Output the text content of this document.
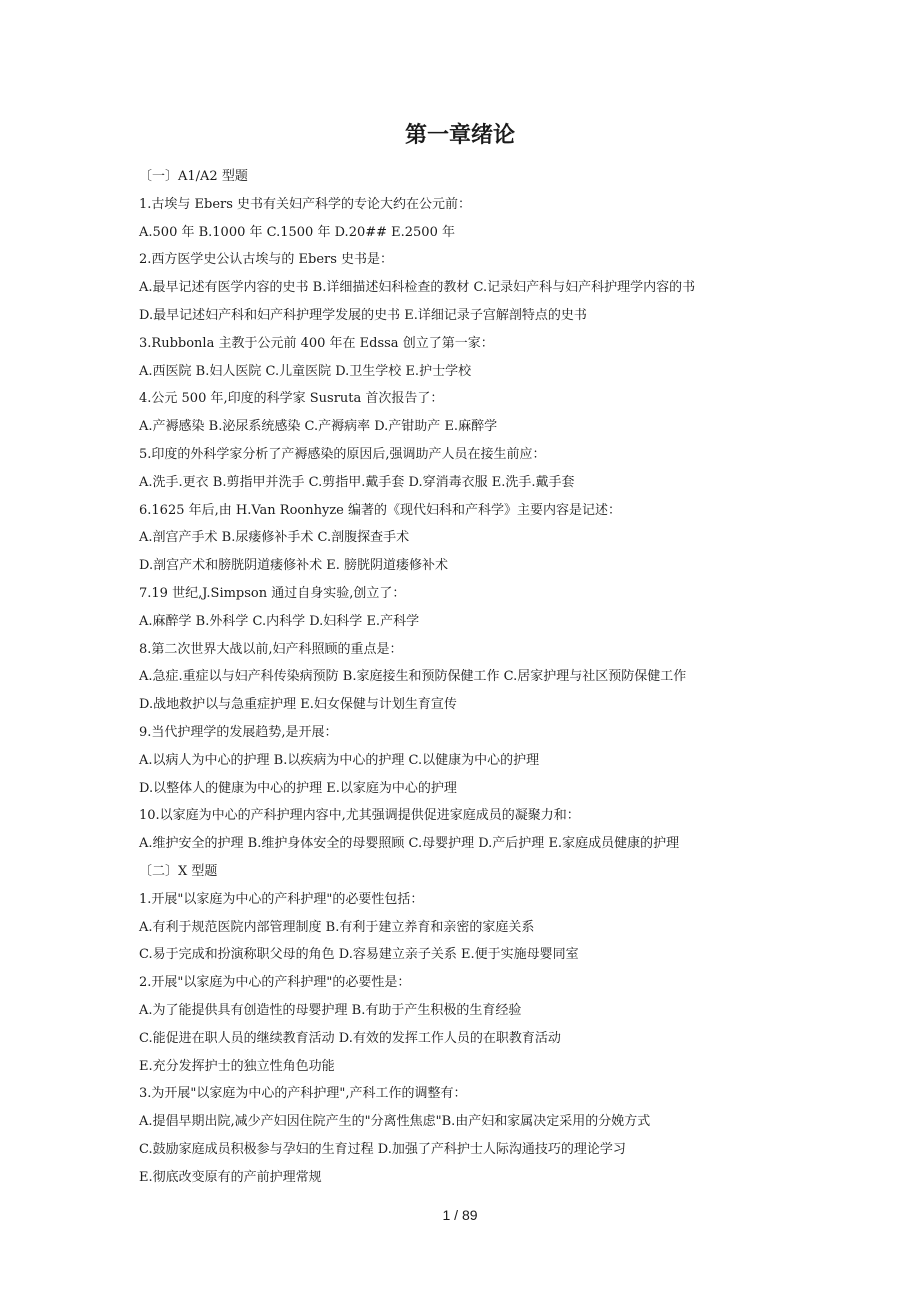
第一章绪论
〔一〕A1/A2 型题
1.古埃与 Ebers 史书有关妇产科学的专论大约在公元前：
A.500 年 B.1000 年 C.1500 年 D.20## E.2500 年
2.西方医学史公认古埃与的 Ebers 史书是：
A.最早记述有医学内容的史书 B.详细描述妇科检查的教材 C.记录妇产科与妇产科护理学内容的书
D.最早记述妇产科和妇产科护理学发展的史书 E.详细记录子宫解剖特点的史书
3.Rubbonla 主教于公元前 400 年在 Edssa 创立了第一家：
A.西医院 B.妇人医院 C.儿童医院 D.卫生学校 E.护士学校
4.公元 500 年,印度的科学家 Susruta 首次报告了：
A.产褥感染 B.泌尿系统感染 C.产褥病率 D.产钳助产 E.麻醉学
5.印度的外科学家分析了产褥感染的原因后,强调助产人员在接生前应：
A.洗手.更衣 B.剪指甲并洗手 C.剪指甲.戴手套 D.穿消毒衣服 E.洗手.戴手套
6.1625 年后,由 H.Van Roonhyze 编著的《现代妇科和产科学》主要内容是记述：
A.剖宫产手术 B.尿瘘修补手术 C.剖腹探查手术
D.剖宫产术和膀胱阴道瘘修补术 E. 膀胱阴道瘘修补术
7.19 世纪,J.Simpson 通过自身实验,创立了：
A.麻醉学 B.外科学 C.内科学 D.妇科学 E.产科学
8.第二次世界大战以前,妇产科照顾的重点是：
A.急症.重症以与妇产科传染病预防 B.家庭接生和预防保健工作 C.居家护理与社区预防保健工作
D.战地救护以与急重症护理 E.妇女保健与计划生育宣传
9.当代护理学的发展趋势,是开展：
A.以病人为中心的护理 B.以疾病为中心的护理 C.以健康为中心的护理
D.以整体人的健康为中心的护理 E.以家庭为中心的护理
10.以家庭为中心的产科护理内容中,尤其强调提供促进家庭成员的凝聚力和：
A.维护安全的护理 B.维护身体安全的母婴照顾 C.母婴护理 D.产后护理 E.家庭成员健康的护理
〔二〕X 型题
1.开展"以家庭为中心的产科护理"的必要性包括：
A.有利于规范医院内部管理制度 B.有利于建立养育和亲密的家庭关系
C.易于完成和扮演称职父母的角色 D.容易建立亲子关系 E.便于实施母婴同室
2.开展"以家庭为中心的产科护理"的必要性是：
A.为了能提供具有创造性的母婴护理 B.有助于产生积极的生育经验
C.能促进在职人员的继续教育活动 D.有效的发挥工作人员的在职教育活动
E.充分发挥护士的独立性角色功能
3.为开展"以家庭为中心的产科护理",产科工作的调整有：
A.提倡早期出院,减少产妇因住院产生的"分离性焦虑"B.由产妇和家属决定采用的分娩方式
C.鼓励家庭成员积极参与孕妇的生育过程 D.加强了产科护士人际沟通技巧的理论学习
E.彻底改变原有的产前护理常规
1 / 89
